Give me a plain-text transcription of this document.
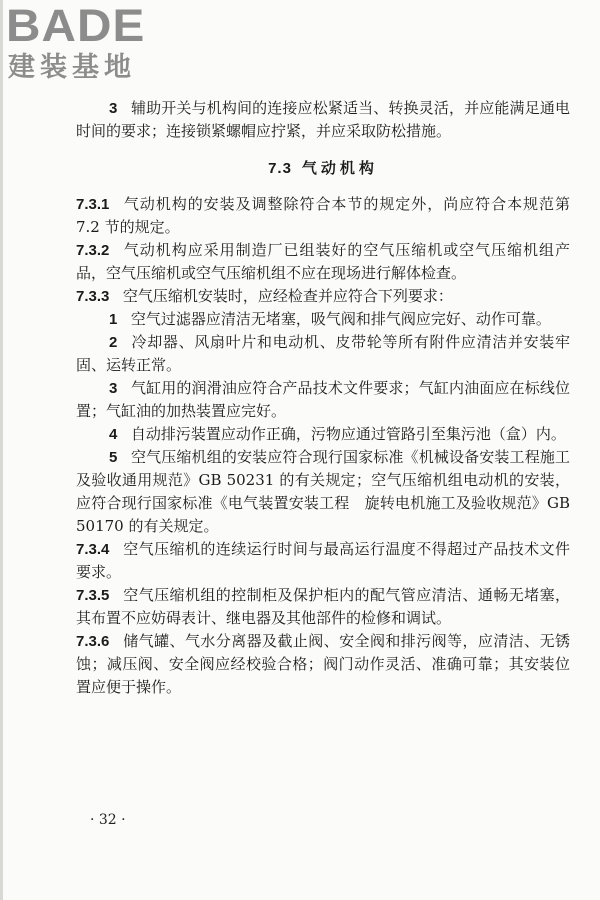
BADE
建装基地

3 辅助开关与机构间的连接应松紧适当、转换灵活，并应能满足通电时间的要求；连接锁紧螺帽应拧紧，并应采取防松措施。

7.3 气动机构

7.3.1 气动机构的安装及调整除符合本节的规定外，尚应符合本规范第 7.2 节的规定。

7.3.2 气动机构应采用制造厂已组装好的空气压缩机或空气压缩机组产品，空气压缩机或空气压缩机组不应在现场进行解体检查。

7.3.3 空气压缩机安装时，应经检查并应符合下列要求：

1 空气过滤器应清洁无堵塞，吸气阀和排气阀应完好、动作可靠。

2 冷却器、风扇叶片和电动机、皮带轮等所有附件应清洁并安装牢固、运转正常。

3 气缸用的润滑油应符合产品技术文件要求；气缸内油面应在标线位置；气缸油的加热装置应完好。

4 自动排污装置应动作正确，污物应通过管路引至集污池（盒）内。

5 空气压缩机组的安装应符合现行国家标准《机械设备安装工程施工及验收通用规范》GB 50231 的有关规定；空气压缩机组电动机的安装，应符合现行国家标准《电气装置安装工程　旋转电机施工及验收规范》GB 50170 的有关规定。

7.3.4 空气压缩机的连续运行时间与最高运行温度不得超过产品技术文件要求。

7.3.5 空气压缩机组的控制柜及保护柜内的配气管应清洁、通畅无堵塞，其布置不应妨碍表计、继电器及其他部件的检修和调试。

7.3.6 储气罐、气水分离器及截止阀、安全阀和排污阀等，应清洁、无锈蚀；减压阀、安全阀应经校验合格；阀门动作灵活、准确可靠；其安装位置应便于操作。

· 32 ·
